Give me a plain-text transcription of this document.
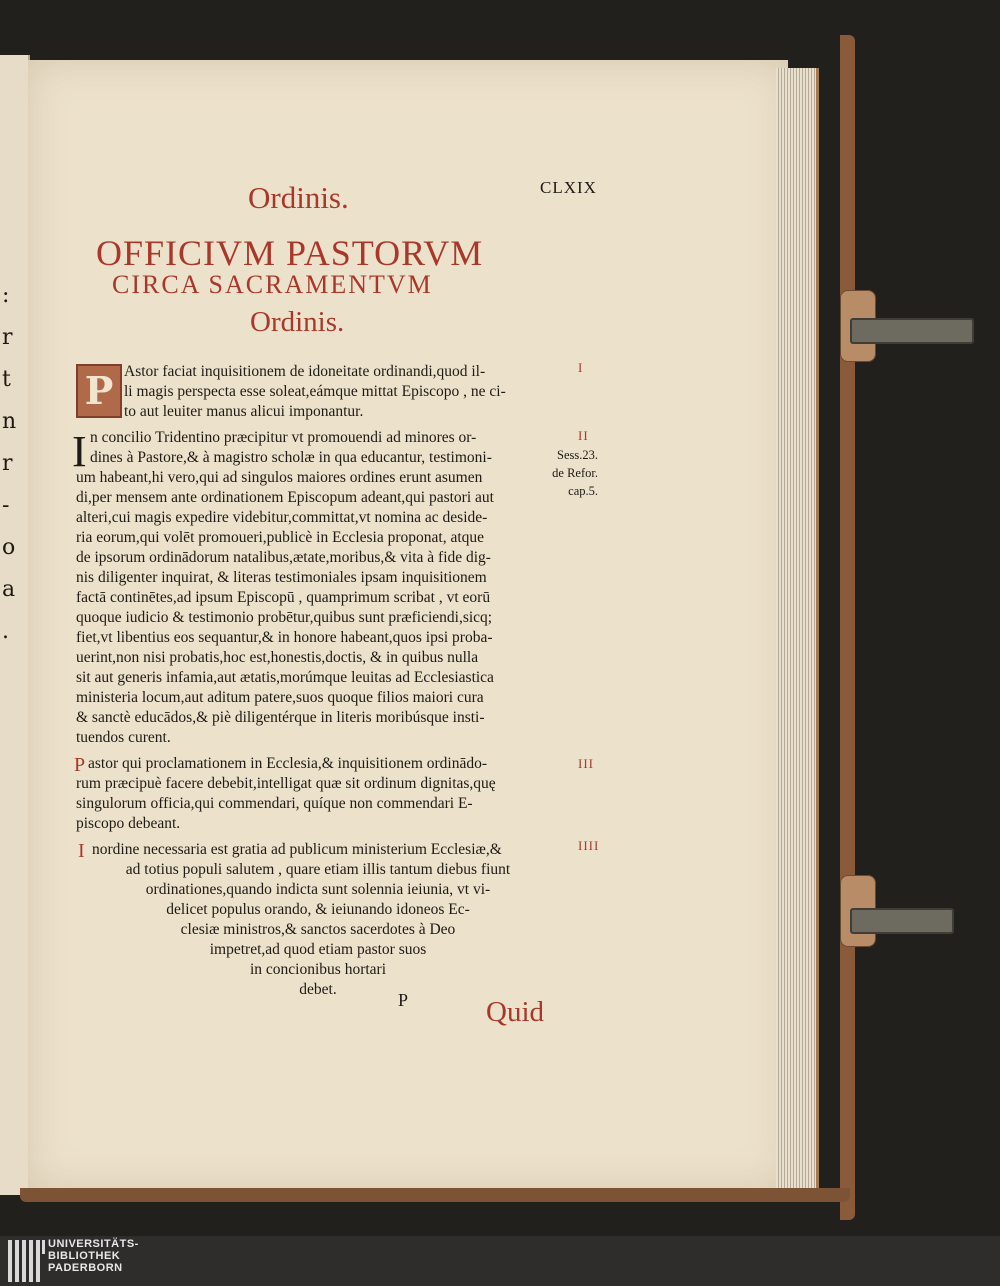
:
r
t
n
r
-
o
a
.
Ordinis.	CLXIX
OFFICIVM PASTORVM
CIRCA SACRAMENTVM
Ordinis.
P Astor faciat inquisitionem de idoneitate ordinandi,quod il-
li magis perspecta esse soleat,eámque mittat Episcopo , ne ci-
to aut leuiter manus alicui imponantur.
I
I n concilio Tridentino præcipitur vt promouendi ad minores or-
dines à Pastore,& à magistro scholæ in qua educantur, testimoni-
um habeant,hi vero,qui ad singulos maiores ordines erunt asumen
di,per mensem ante ordinationem Episcopum adeant,qui pastori aut
alteri,cui magis expedire videbitur,committat,vt nomina ac deside-
ria eorum,qui volēt promoueri,publicè in Ecclesia proponat, atque
de ipsorum ordinādorum natalibus,ætate,moribus,& vita à fide dig-
nis diligenter inquirat, & literas testimoniales ipsam inquisitionem
factā continētes,ad ipsum Episcopū , quamprimum scribat , vt eorū
quoque iudicio & testimonio probētur,quibus sunt præficiendi,sicq;
fiet,vt libentius eos sequantur,& in honore habeant,quos ipsi proba-
uerint,non nisi probatis,hoc est,honestis,doctis, & in quibus nulla
sit aut generis infamia,aut ætatis,morúmque leuitas ad Ecclesiastica
ministeria locum,aut aditum patere,suos quoque filios maiori cura
& sanctè educādos,& piè diligentérque in literis moribúsque insti-
tuendos curent.
II
Sess.23.
de Refor.
cap.5.
P astor qui proclamationem in Ecclesia,& inquisitionem ordinādo-
rum præcipuè facere debebit,intelligat quæ sit ordinum dignitas,quę
singulorum officia,qui commendari, quíque non commendari E-
piscopo debeant.
III
I nordine necessaria est gratia ad publicum ministerium Ecclesiæ,&
ad totius populi salutem , quare etiam illis tantum diebus fiunt
ordinationes,quando indicta sunt solennia ieiunia, vt vi-
delicet populus orando, & ieiunando idoneos Ec-
clesiæ ministros,& sanctos sacerdotes à Deo
impetret,ad quod etiam pastor suos
in concionibus hortari
debet.
IIII
P	Quid
UNIVERSITÄTS-
BIBLIOTHEK
PADERBORN
